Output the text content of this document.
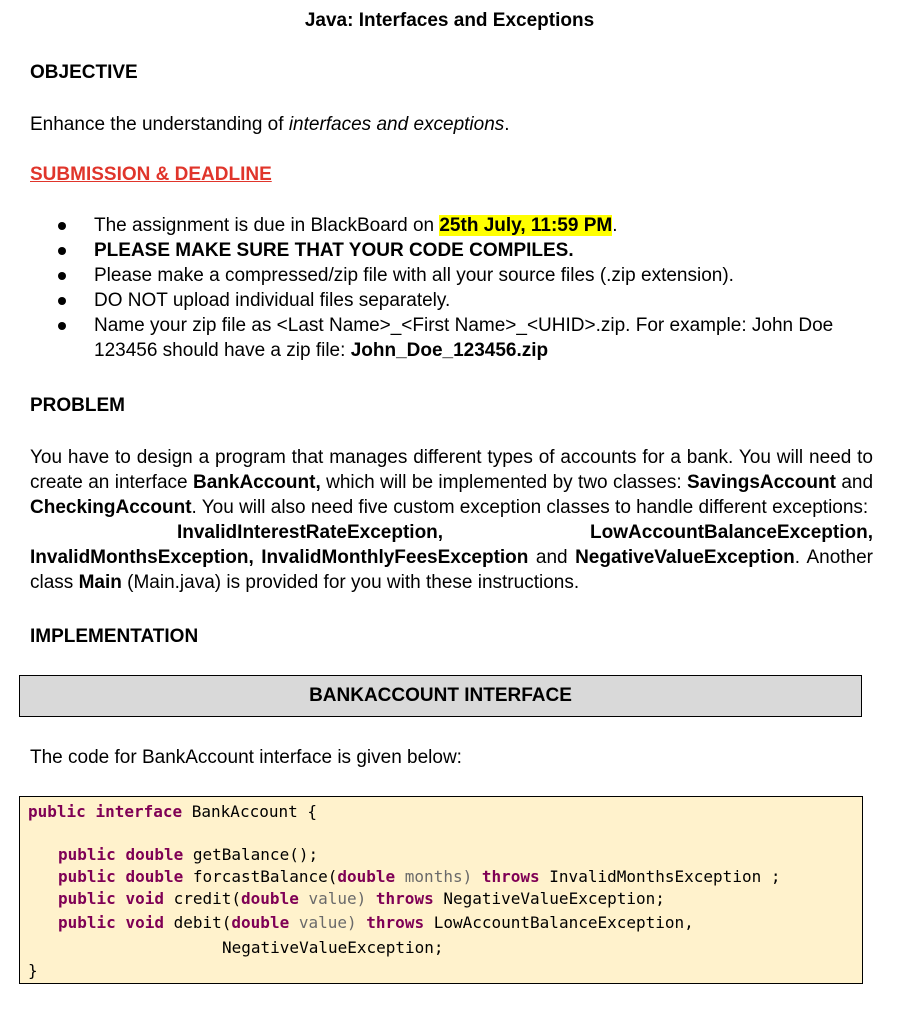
Java: Interfaces and Exceptions
OBJECTIVE
Enhance the understanding of interfaces and exceptions.
SUBMISSION & DEADLINE
The assignment is due in BlackBoard on 25th July, 11:59 PM.
PLEASE MAKE SURE THAT YOUR CODE COMPILES.
Please make a compressed/zip file with all your source files (.zip extension).
DO NOT upload individual files separately.
Name your zip file as <Last Name>_<First Name>_<UHID>.zip. For example: John Doe 123456 should have a zip file: John_Doe_123456.zip
PROBLEM
You have to design a program that manages different types of accounts for a bank. You will need to create an interface BankAccount, which will be implemented by two classes: SavingsAccount and CheckingAccount. You will also need five custom exception classes to handle different exceptions:
InvalidInterestRateException,	LowAccountBalanceException,
InvalidMonthsException, InvalidMonthlyFeesException and NegativeValueException. Another class Main (Main.java) is provided for you with these instructions.
IMPLEMENTATION
BANKACCOUNT INTERFACE
The code for BankAccount interface is given below:
public interface BankAccount {
public double getBalance();
public double forcastBalance(double months) throws InvalidMonthsException ;
public void credit(double value) throws NegativeValueException;
public void debit(double value) throws LowAccountBalanceException,
NegativeValueException;
}
